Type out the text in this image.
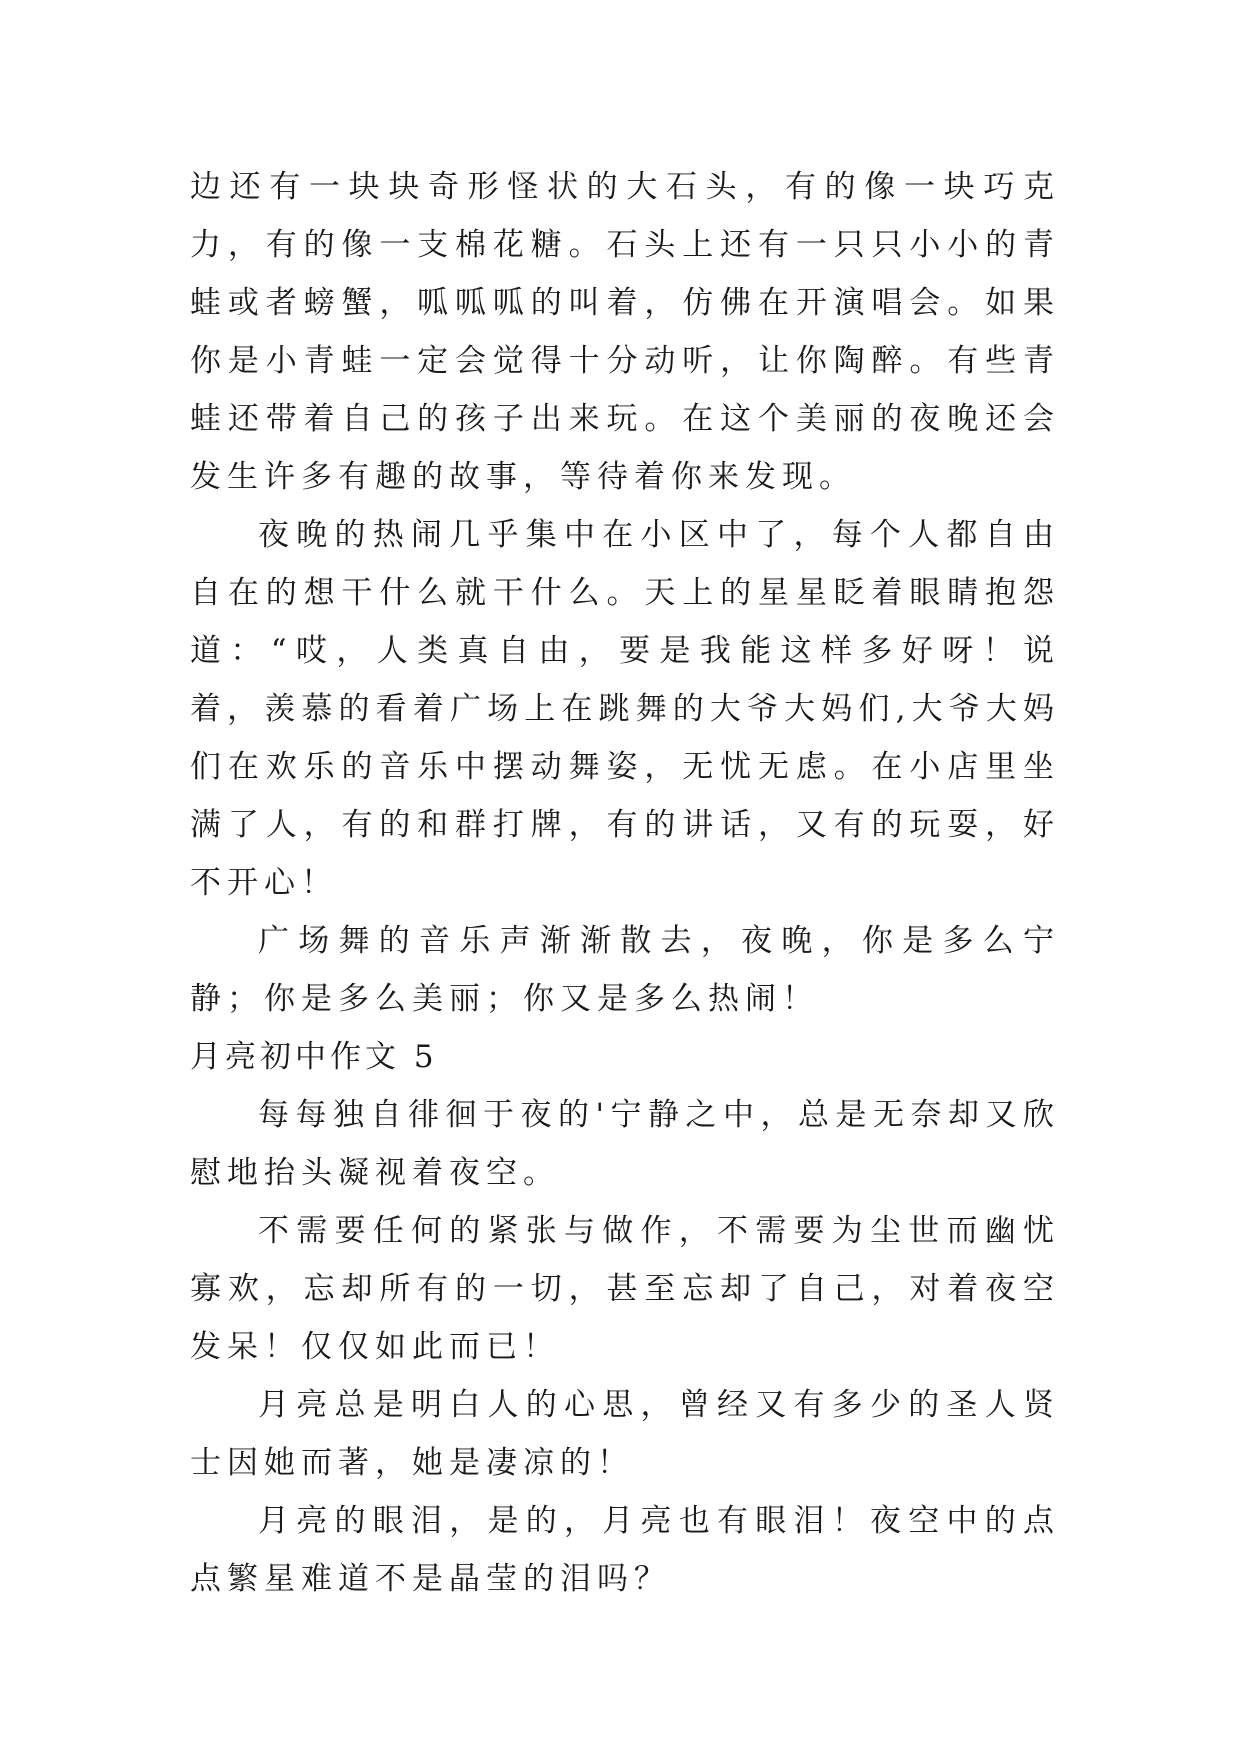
边还有一块块奇形怪状的大石头，有的像一块巧克力，有的像一支棉花糖。石头上还有一只只小小的青蛙或者螃蟹，呱呱呱的叫着，仿佛在开演唱会。如果你是小青蛙一定会觉得十分动听，让你陶醉。有些青蛙还带着自己的孩子出来玩。在这个美丽的夜晚还会发生许多有趣的故事，等待着你来发现。

夜晚的热闹几乎集中在小区中了，每个人都自由自在的想干什么就干什么。天上的星星眨着眼睛抱怨道：“哎，人类真自由，要是我能这样多好呀！说着，羡慕的看着广场上在跳舞的大爷大妈们,大爷大妈们在欢乐的音乐中摆动舞姿，无忧无虑。在小店里坐满了人，有的和群打牌，有的讲话，又有的玩耍，好不开心！

广场舞的音乐声渐渐散去，夜晚，你是多么宁静；你是多么美丽；你又是多么热闹！

月亮初中作文 5

每每独自徘徊于夜的'宁静之中，总是无奈却又欣慰地抬头凝视着夜空。

不需要任何的紧张与做作，不需要为尘世而幽忧寡欢，忘却所有的一切，甚至忘却了自己，对着夜空发呆！仅仅如此而已！

月亮总是明白人的心思，曾经又有多少的圣人贤士因她而著，她是凄凉的！

月亮的眼泪，是的，月亮也有眼泪！夜空中的点点繁星难道不是晶莹的泪吗？
